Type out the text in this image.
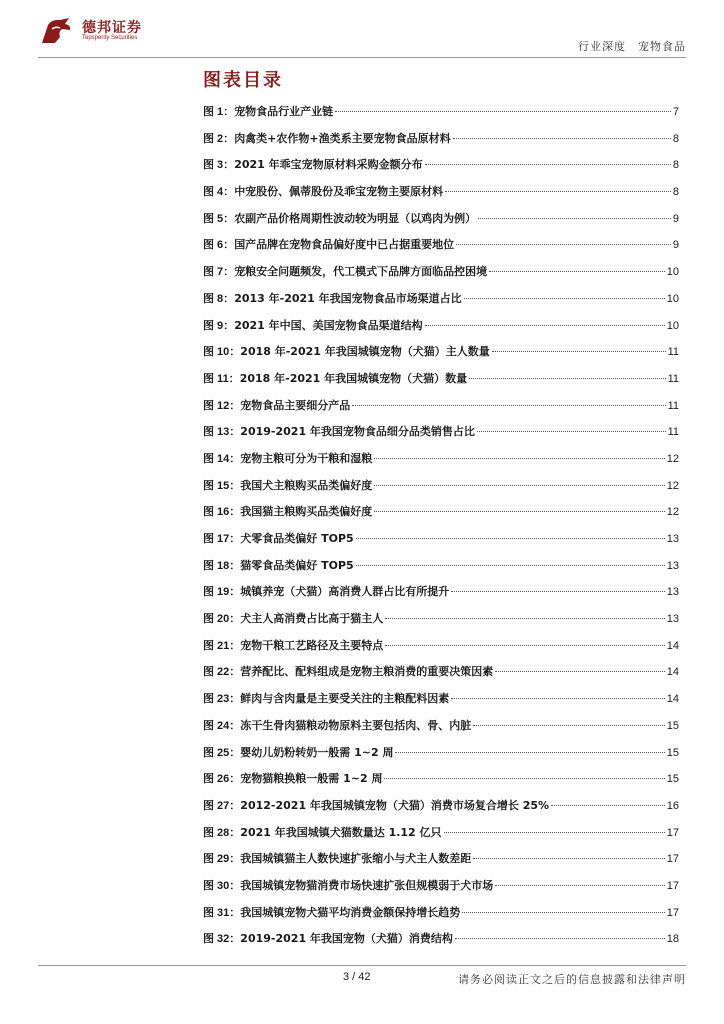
德邦证券
Topsperity Securities
行业深度 宠物食品
图表目录
图 1：宠物食品行业产业链	7
图 2：肉禽类+农作物+渔类系主要宠物食品原材料	8
图 3：2021 年乖宝宠物原材料采购金额分布	8
图 4：中宠股份、佩蒂股份及乖宝宠物主要原材料	8
图 5：农副产品价格周期性波动较为明显（以鸡肉为例）	9
图 6：国产品牌在宠物食品偏好度中已占据重要地位	9
图 7：宠粮安全问题频发，代工模式下品牌方面临品控困境	10
图 8：2013 年-2021 年我国宠物食品市场渠道占比	10
图 9：2021 年中国、美国宠物食品渠道结构	10
图 10：2018 年-2021 年我国城镇宠物（犬猫）主人数量	11
图 11：2018 年-2021 年我国城镇宠物（犬猫）数量	11
图 12：宠物食品主要细分产品	11
图 13：2019-2021 年我国宠物食品细分品类销售占比	11
图 14：宠物主粮可分为干粮和湿粮	12
图 15：我国犬主粮购买品类偏好度	12
图 16：我国猫主粮购买品类偏好度	12
图 17：犬零食品类偏好 TOP5	13
图 18：猫零食品类偏好 TOP5	13
图 19：城镇养宠（犬猫）高消费人群占比有所提升	13
图 20：犬主人高消费占比高于猫主人	13
图 21：宠物干粮工艺路径及主要特点	14
图 22：营养配比、配料组成是宠物主粮消费的重要决策因素	14
图 23：鲜肉与含肉量是主要受关注的主粮配料因素	14
图 24：冻干生骨肉猫粮动物原料主要包括肉、骨、内脏	15
图 25：婴幼儿奶粉转奶一般需 1~2 周	15
图 26：宠物猫粮换粮一般需 1~2 周	15
图 27：2012-2021 年我国城镇宠物（犬猫）消费市场复合增长 25%	16
图 28：2021 年我国城镇犬猫数量达 1.12 亿只	17
图 29：我国城镇猫主人数快速扩张缩小与犬主人数差距	17
图 30：我国城镇宠物猫消费市场快速扩张但规模弱于犬市场	17
图 31：我国城镇宠物犬猫平均消费金额保持增长趋势	17
图 32：2019-2021 年我国宠物（犬猫）消费结构	18
3 / 42	请务必阅读正文之后的信息披露和法律声明
